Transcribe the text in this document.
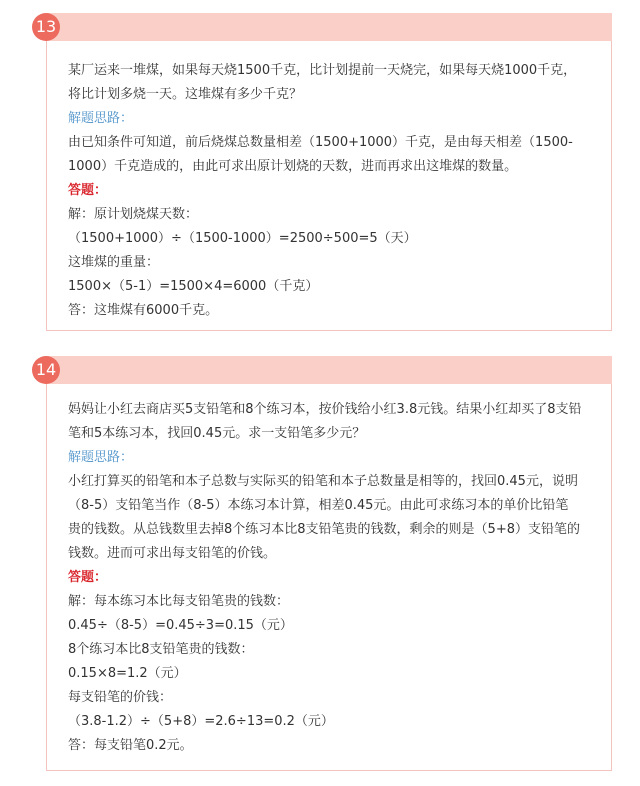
13
某厂运来一堆煤，如果每天烧1500千克，比计划提前一天烧完，如果每天烧1000千克，
将比计划多烧一天。这堆煤有多少千克？
解题思路：
由已知条件可知道，前后烧煤总数量相差（1500+1000）千克，是由每天相差（1500-
1000）千克造成的，由此可求出原计划烧的天数，进而再求出这堆煤的数量。
答题：
解：原计划烧煤天数：
（1500+1000）÷（1500-1000）=2500÷500=5（天）
这堆煤的重量：
1500×（5-1）=1500×4=6000（千克）
答：这堆煤有6000千克。
14
妈妈让小红去商店买5支铅笔和8个练习本，按价钱给小红3.8元钱。结果小红却买了8支铅
笔和5本练习本，找回0.45元。求一支铅笔多少元？
解题思路：
小红打算买的铅笔和本子总数与实际买的铅笔和本子总数量是相等的，找回0.45元，说明
（8-5）支铅笔当作（8-5）本练习本计算，相差0.45元。由此可求练习本的单价比铅笔
贵的钱数。从总钱数里去掉8个练习本比8支铅笔贵的钱数，剩余的则是（5+8）支铅笔的
钱数。进而可求出每支铅笔的价钱。
答题：
解：每本练习本比每支铅笔贵的钱数：
0.45÷（8-5）=0.45÷3=0.15（元）
8个练习本比8支铅笔贵的钱数：
0.15×8=1.2（元）
每支铅笔的价钱：
（3.8-1.2）÷（5+8）=2.6÷13=0.2（元）
答：每支铅笔0.2元。
